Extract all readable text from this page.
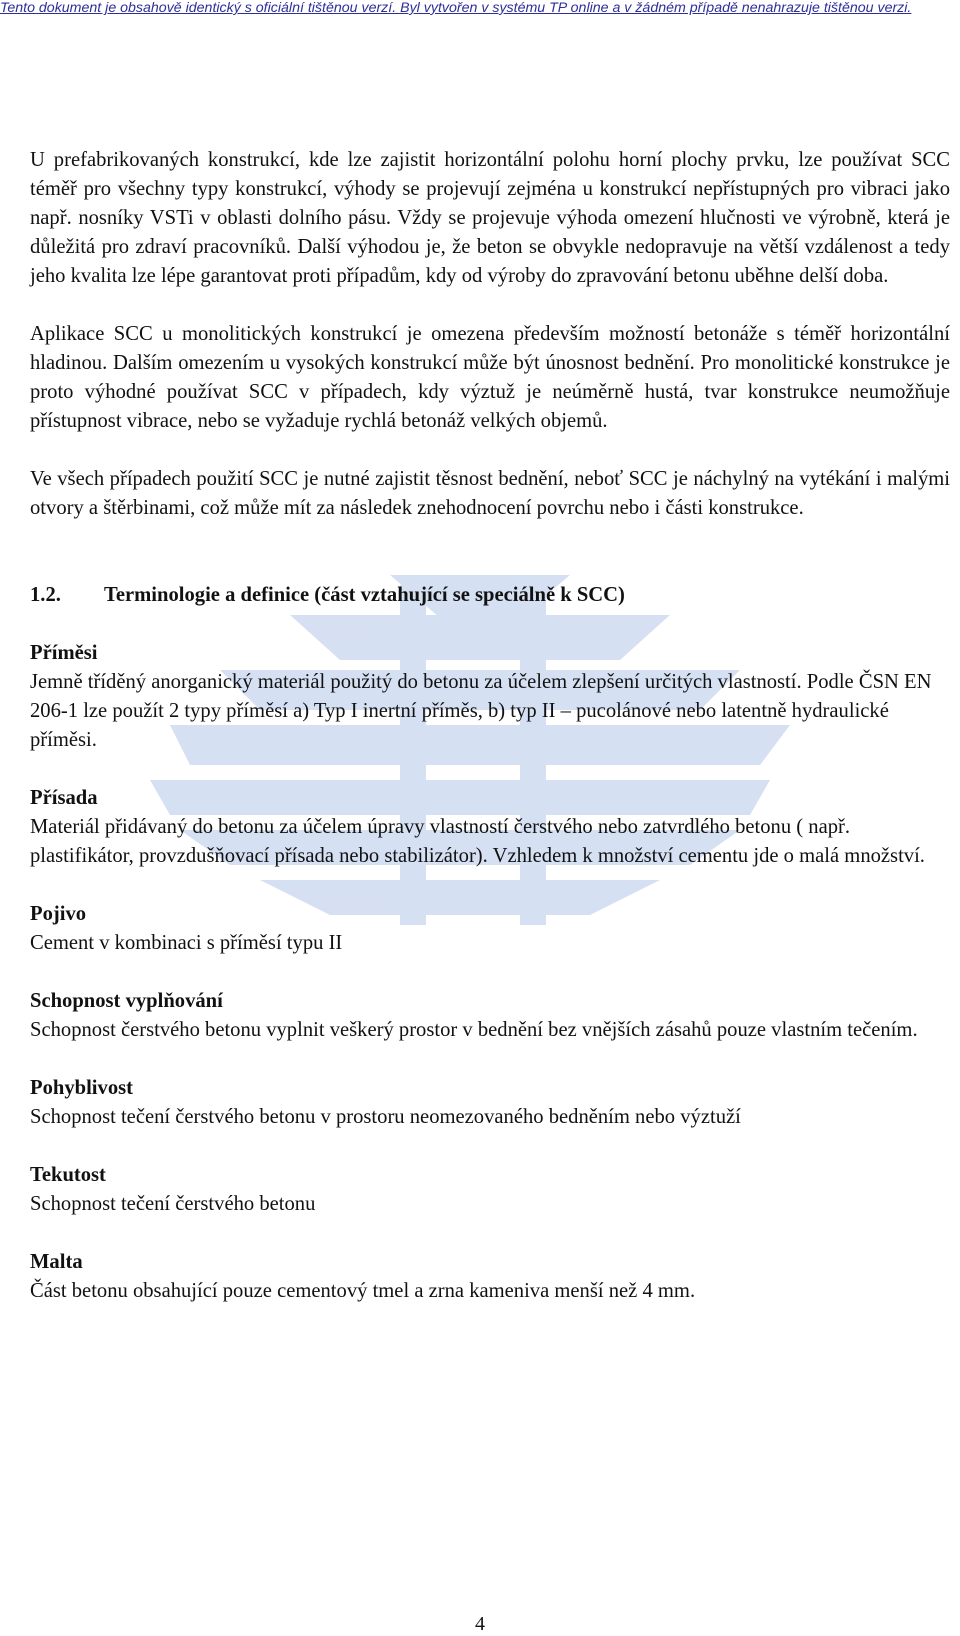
Tento dokument je obsahově identický s oficiální tištěnou verzí. Byl vytvořen v systému TP online a v žádném případě nenahrazuje tištěnou verzi.

U prefabrikovaných konstrukcí, kde lze zajistit horizontální polohu horní plochy prvku, lze používat SCC téměř pro všechny typy konstrukcí, výhody se projevují zejména u konstrukcí nepřístupných pro vibraci jako např. nosníky VSTi v oblasti dolního pásu. Vždy se projevuje výhoda omezení hlučnosti ve výrobně, která je důležitá pro zdraví pracovníků. Další výhodou je, že beton se obvykle nedopravuje na větší vzdálenost a tedy jeho kvalita lze lépe garantovat proti případům, kdy od výroby do zpravování betonu uběhne delší doba.

Aplikace SCC u monolitických konstrukcí je omezena především možností betonáže s téměř horizontální hladinou. Dalším omezením u vysokých konstrukcí může být únosnost bednění. Pro monolitické konstrukce je proto výhodné používat SCC v případech, kdy výztuž je neúměrně hustá, tvar konstrukce neumožňuje přístupnost vibrace, nebo se vyžaduje rychlá betonáž velkých objemů.

Ve všech případech použití SCC je nutné zajistit těsnost bednění, neboť SCC je náchylný na vytékání i malými otvory a štěrbinami, což může mít za následek znehodnocení povrchu nebo i části konstrukce.

1.2. Terminologie a definice (část vztahující se speciálně k SCC)

Příměsi

Jemně tříděný anorganický materiál použitý do betonu za účelem zlepšení určitých vlastností. Podle ČSN EN 206-1 lze použít 2 typy příměsí a) Typ I inertní příměs, b) typ II – pucolánové nebo latentně hydraulické příměsi.

Přísada

Materiál přidávaný do betonu za účelem úpravy vlastností čerstvého nebo zatvrdlého betonu ( např. plastifikátor, provzdušňovací přísada nebo stabilizátor). Vzhledem k množství cementu jde o malá množství.

Pojivo

Cement v kombinaci s příměsí typu II

Schopnost vyplňování

Schopnost čerstvého betonu vyplnit veškerý prostor v bednění bez vnějších zásahů pouze vlastním tečením.

Pohyblivost

Schopnost tečení čerstvého betonu v prostoru neomezovaného bedněním nebo výztuží

Tekutost

Schopnost tečení čerstvého betonu

Malta

Část betonu obsahující pouze cementový tmel a zrna kameniva menší než 4 mm.

4
